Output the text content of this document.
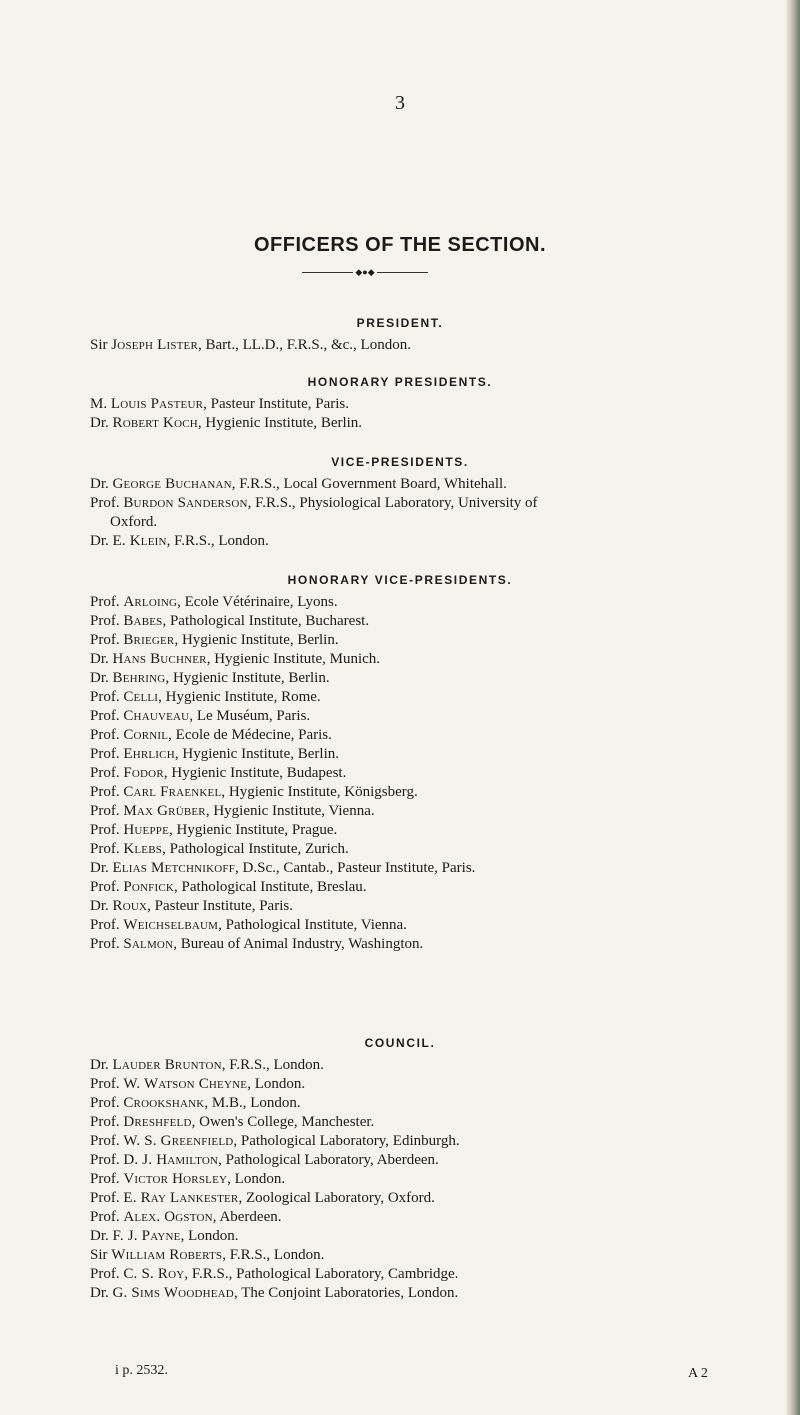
3
OFFICERS OF THE SECTION.
◆●◆
PRESIDENT.
Sir Joseph Lister, Bart., LL.D., F.R.S., &c., London.
HONORARY PRESIDENTS.
M. Louis Pasteur, Pasteur Institute, Paris.
Dr. Robert Koch, Hygienic Institute, Berlin.
VICE-PRESIDENTS.
Dr. George Buchanan, F.R.S., Local Government Board, Whitehall.
Prof. Burdon Sanderson, F.R.S., Physiological Laboratory, University of
Oxford.
Dr. E. Klein, F.R.S., London.
HONORARY VICE-PRESIDENTS.
Prof. Arloing, Ecole Vétérinaire, Lyons.
Prof. Babes, Pathological Institute, Bucharest.
Prof. Brieger, Hygienic Institute, Berlin.
Dr. Hans Buchner, Hygienic Institute, Munich.
Dr. Behring, Hygienic Institute, Berlin.
Prof. Celli, Hygienic Institute, Rome.
Prof. Chauveau, Le Muséum, Paris.
Prof. Cornil, Ecole de Médecine, Paris.
Prof. Ehrlich, Hygienic Institute, Berlin.
Prof. Fodor, Hygienic Institute, Budapest.
Prof. Carl Fraenkel, Hygienic Institute, Königsberg.
Prof. Max Grüber, Hygienic Institute, Vienna.
Prof. Hueppe, Hygienic Institute, Prague.
Prof. Klebs, Pathological Institute, Zurich.
Dr. Elias Metchnikoff, D.Sc., Cantab., Pasteur Institute, Paris.
Prof. Ponfick, Pathological Institute, Breslau.
Dr. Roux, Pasteur Institute, Paris.
Prof. Weichselbaum, Pathological Institute, Vienna.
Prof. Salmon, Bureau of Animal Industry, Washington.
COUNCIL.
Dr. Lauder Brunton, F.R.S., London.
Prof. W. Watson Cheyne, London.
Prof. Crookshank, M.B., London.
Prof. Dreshfeld, Owen's College, Manchester.
Prof. W. S. Greenfield, Pathological Laboratory, Edinburgh.
Prof. D. J. Hamilton, Pathological Laboratory, Aberdeen.
Prof. Victor Horsley, London.
Prof. E. Ray Lankester, Zoological Laboratory, Oxford.
Prof. Alex. Ogston, Aberdeen.
Dr. F. J. Payne, London.
Sir William Roberts, F.R.S., London.
Prof. C. S. Roy, F.R.S., Pathological Laboratory, Cambridge.
Dr. G. Sims Woodhead, The Conjoint Laboratories, London.
i p. 2532.	A 2
